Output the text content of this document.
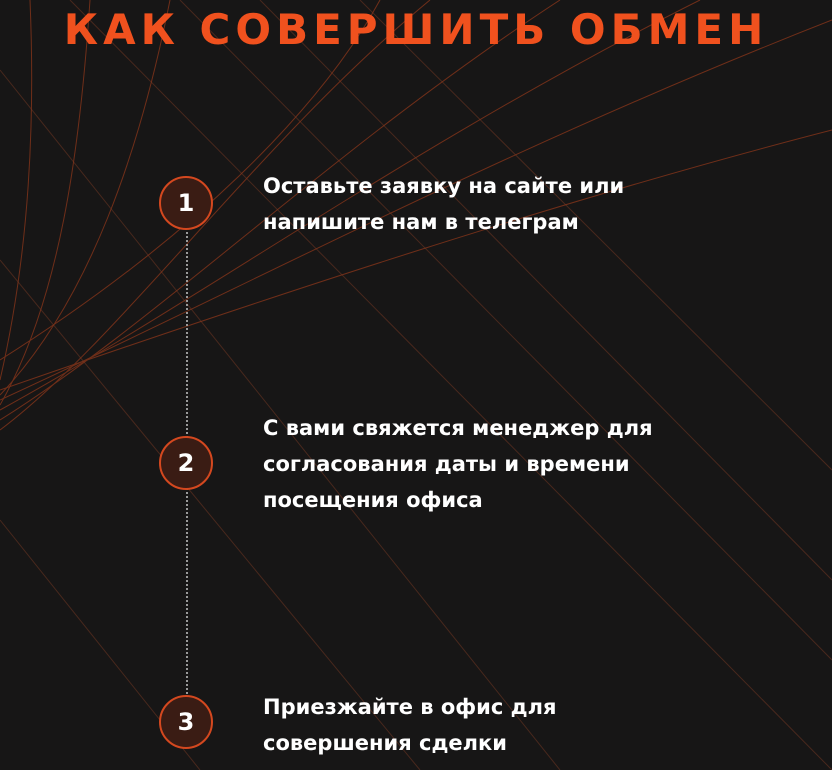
КАК СОВЕРШИТЬ ОБМЕН
1

Оставьте заявку на сайте или напишите нам в телеграм

2

С вами свяжется менеджер для согласования даты и времени посещения офиса

3

Приезжайте в офис для совершения сделки
